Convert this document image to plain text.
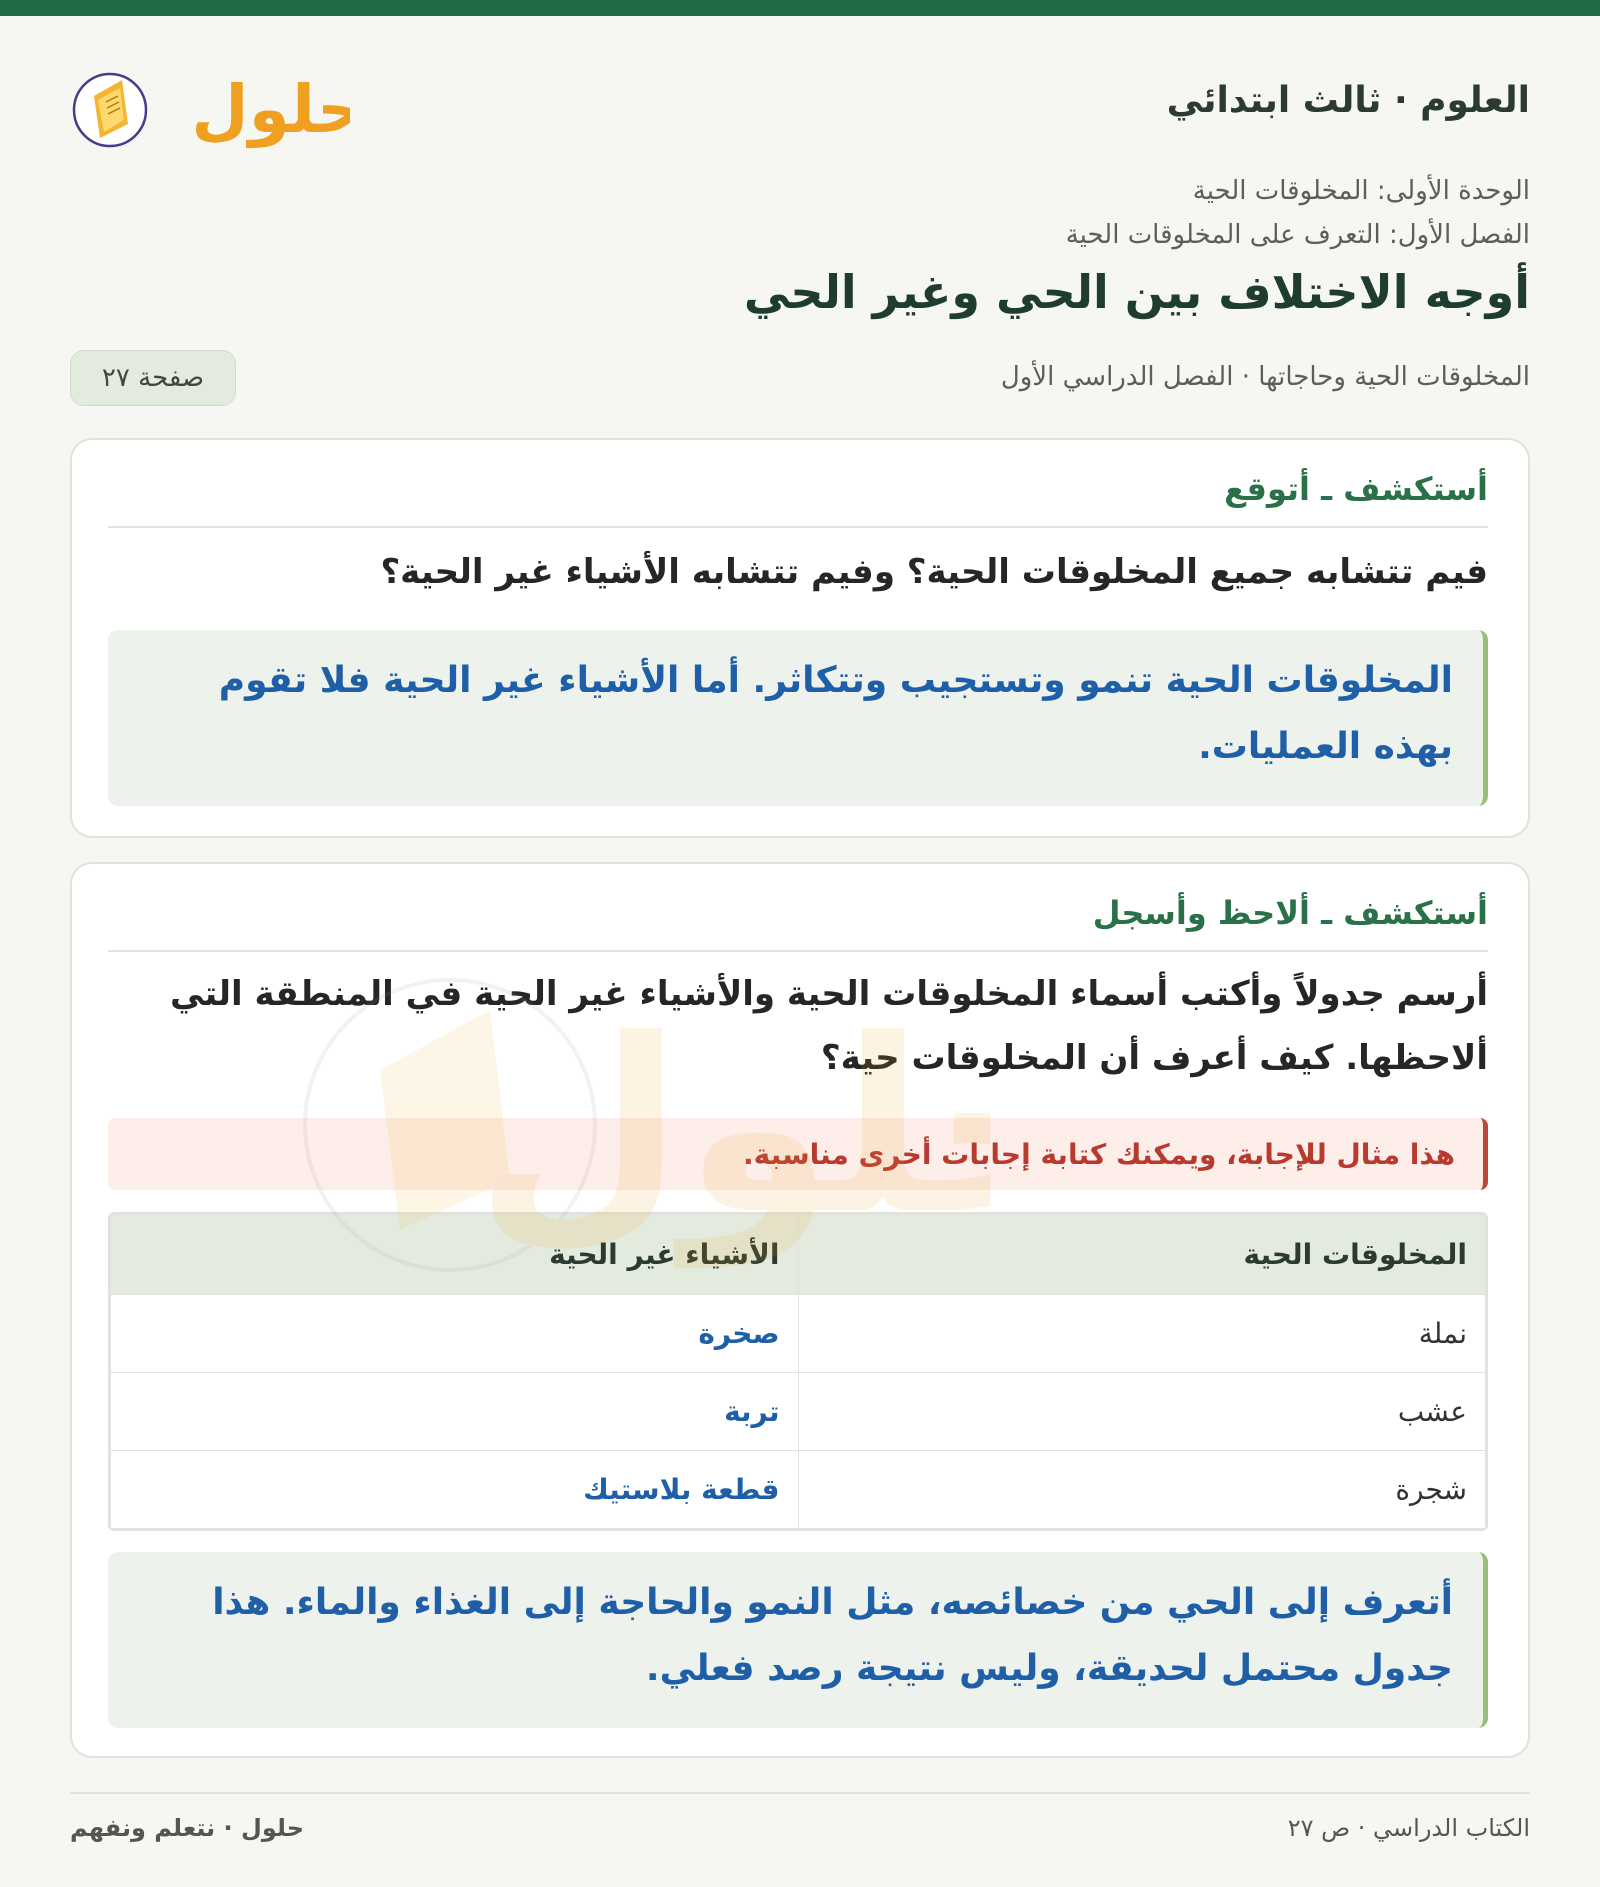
العلوم · ثالث ابتدائي
حلول
الوحدة الأولى: المخلوقات الحية
الفصل الأول: التعرف على المخلوقات الحية
أوجه الاختلاف بين الحي وغير الحي
المخلوقات الحية وحاجاتها · الفصل الدراسي الأول
صفحة ٢٧
أستكشف ـ أتوقع
فيم تتشابه جميع المخلوقات الحية؟ وفيم تتشابه الأشياء غير الحية؟
المخلوقات الحية تنمو وتستجيب وتتكاثر. أما الأشياء غير الحية فلا تقوم بهذه العمليات.
أستكشف ـ ألاحظ وأسجل
أرسم جدولاً وأكتب أسماء المخلوقات الحية والأشياء غير الحية في المنطقة التي ألاحظها. كيف أعرف أن المخلوقات حية؟
هذا مثال للإجابة، ويمكنك كتابة إجابات أخرى مناسبة.
المخلوقات الحية	الأشياء غير الحية
نملة	صخرة
عشب	تربة
شجرة	قطعة بلاستيك
أتعرف إلى الحي من خصائصه، مثل النمو والحاجة إلى الغذاء والماء. هذا جدول محتمل لحديقة، وليس نتيجة رصد فعلي.
الكتاب الدراسي · ص ٢٧
حلول · نتعلم ونفهم
